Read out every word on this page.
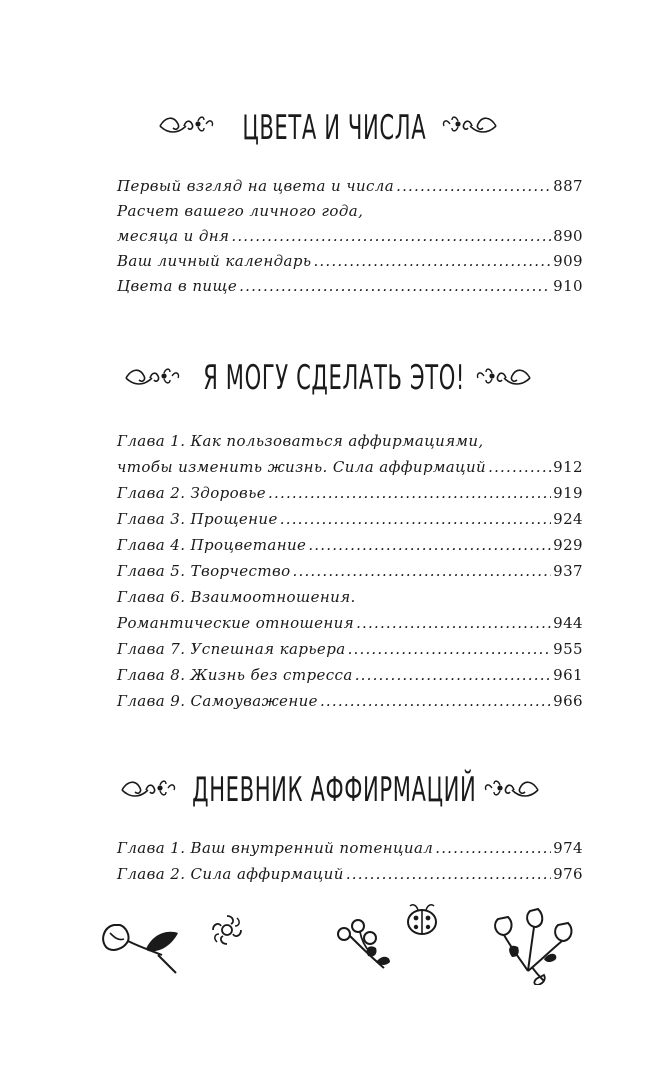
ЦВЕТА И ЧИСЛА
Первый взгляд на цвета и числа .....	887
Расчет вашего личного года,
месяца и дня .....	890
Ваш личный календарь .....	909
Цвета в пище .....	910
Я МОГУ СДЕЛАТЬ ЭТО!
Глава 1. Как пользоваться аффирмациями,
чтобы изменить жизнь. Сила аффирмаций .....	912
Глава 2. Здоровье .....	919
Глава 3. Прощение .....	924
Глава 4. Процветание .....	929
Глава 5. Творчество .....	937
Глава 6. Взаимоотношения.
Романтические отношения .....	944
Глава 7. Успешная карьера .....	955
Глава 8. Жизнь без стресса .....	961
Глава 9. Самоуважение .....	966
ДНЕВНИК АФФИРМАЦИЙ
Глава 1. Ваш внутренний потенциал .....	974
Глава 2. Сила аффирмаций .....	976
